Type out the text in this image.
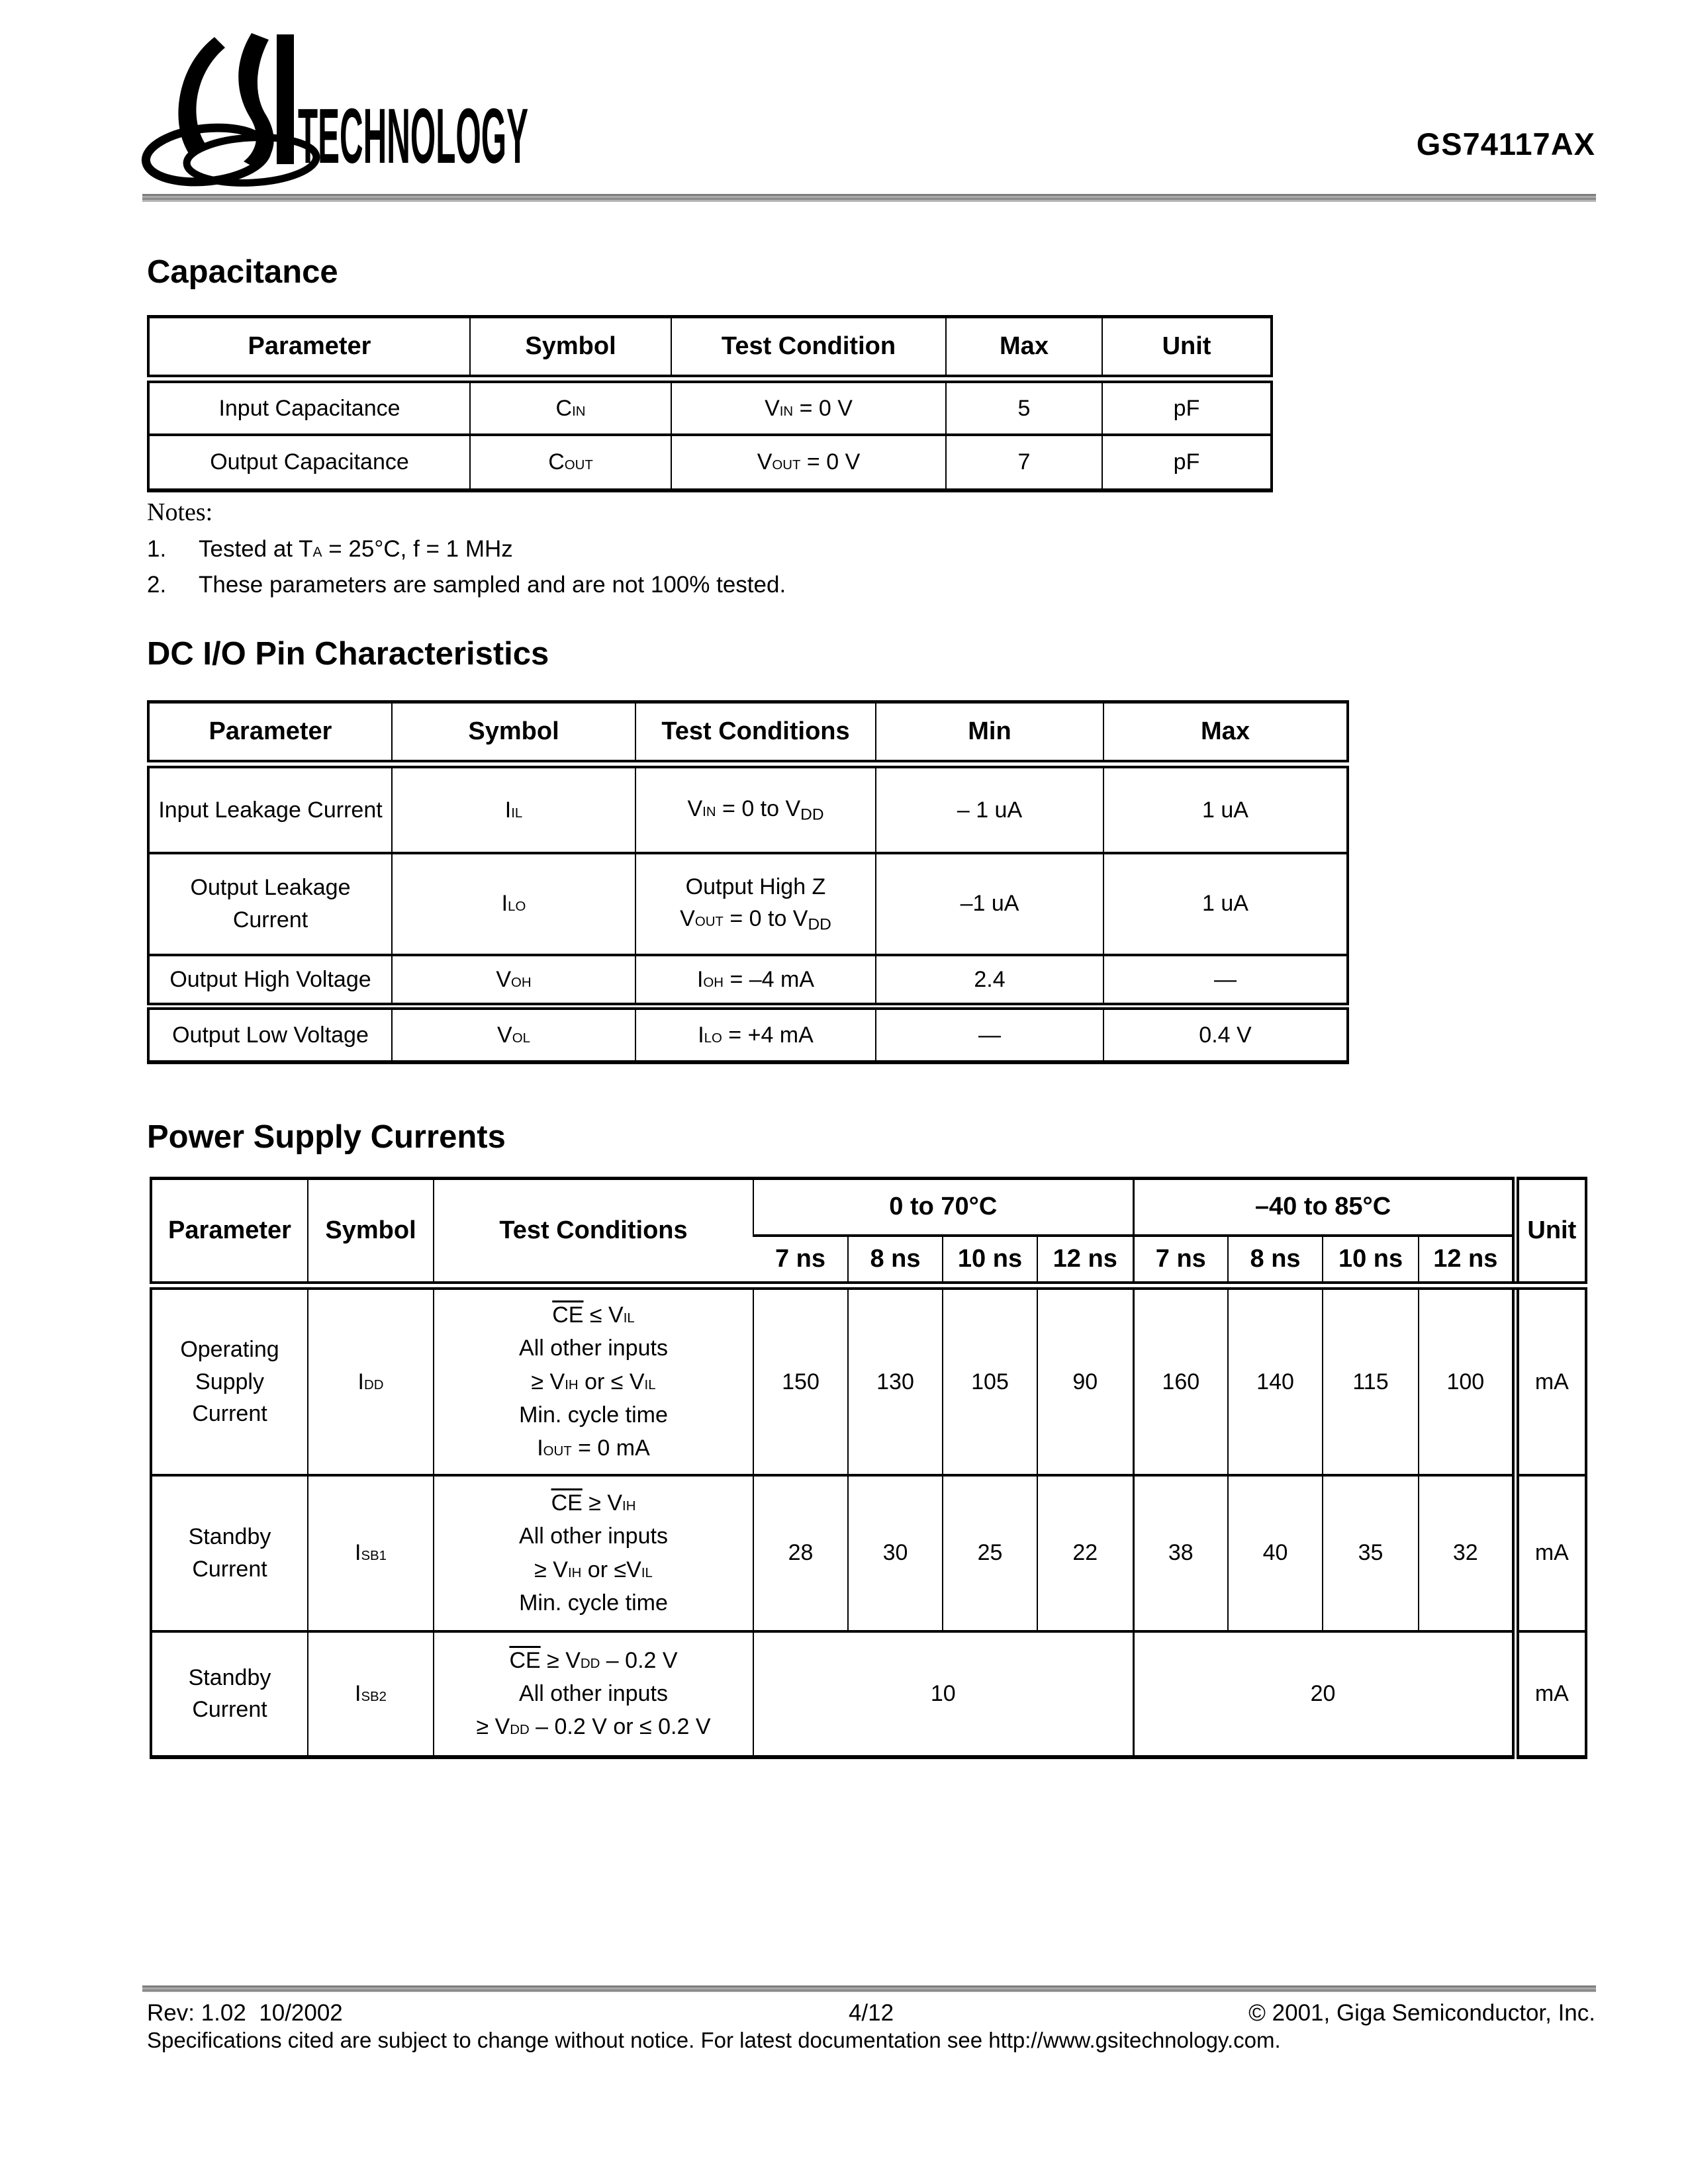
TECHNOLOGY	GS74117AX
Capacitance
Parameter	Symbol	Test Condition	Max	Unit
Input Capacitance	CIN	VIN = 0 V	5	pF
Output Capacitance	COUT	VOUT = 0 V	7	pF
Notes:
1.	Tested at TA = 25°C, f = 1 MHz
2.	These parameters are sampled and are not 100% tested.
DC I/O Pin Characteristics
Parameter	Symbol	Test Conditions	Min	Max
Input Leakage Current	IIL	VIN = 0 to VDD	– 1 uA	1 uA
Output Leakage Current	ILO	Output High Z
VOUT = 0 to VDD	–1 uA	1 uA
Output High Voltage	VOH	IOH = –4 mA	2.4	—
Output Low Voltage	VOL	ILO = +4 mA	—	0.4 V
Power Supply Currents
Parameter	Symbol	Test Conditions	0 to 70°C				–40 to 85°C				Unit
			7 ns	8 ns	10 ns	12 ns	7 ns	8 ns	10 ns	12 ns	
Operating Supply Current	IDD	$\overline{CE}$ ≤ VIL
All other inputs
≥ VIH or ≤ VIL
Min. cycle time
IOUT = 0 mA	150	130	105	90	160	140	115	100	mA
Standby Current	ISB1	$\overline{CE}$ ≥ VIH
All other inputs
≥ VIH or ≤VIL
Min. cycle time	28	30	25	22	38	40	35	32	mA
Standby Current	ISB2	$\overline{CE}$ ≥ VDD – 0.2 V
All other inputs
≥ VDD – 0.2 V or ≤ 0.2 V	10				20				mA
Rev: 1.02  10/2002	4/12	© 2001, Giga Semiconductor, Inc.
Specifications cited are subject to change without notice. For latest documentation see http://www.gsitechnology.com.
